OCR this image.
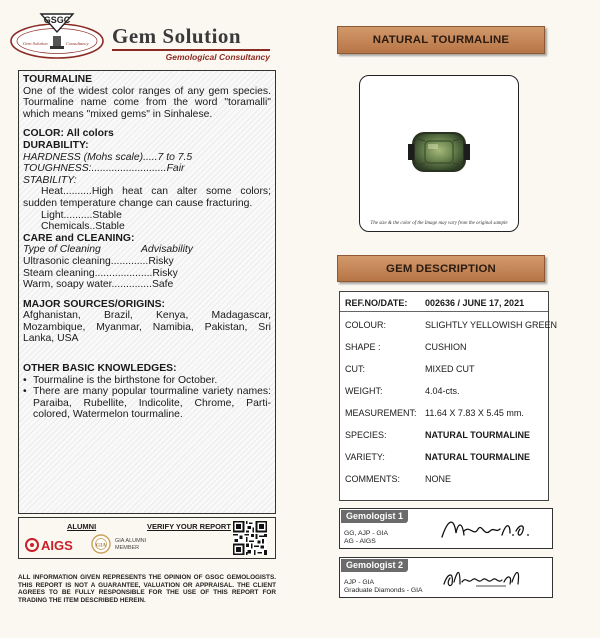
GSGC
Gem Solution	Consultancy Gem Solution
Gemological Consultancy
TOURMALINE
One of the widest color ranges of any gem species. Tourmaline name come from the word "toramalli" which means "mixed gems" in Sinhalese.
COLOR: All colors
DURABILITY:
HARDNESS (Mohs scale).....7 to 7.5
TOUGHNESS:..........................Fair
STABILITY:
Heat..........High heat can alter some colors; sudden temperature change can cause fracturing.
Light..........Stable
Chemicals..Stable
CARE and CLEANING:
Type of Cleaning	Advisability
Ultrasonic cleaning.............Risky
Steam cleaning....................Risky
Warm, soapy water..............Safe
MAJOR SOURCES/ORIGINS:
Afghanistan, Brazil, Kenya, Madagascar, Mozambique, Myanmar, Namibia, Pakistan, Sri Lanka, USA
OTHER BASIC KNOWLEDGES:
• Tourmaline is the birthstone for October.
• There are many popular tourmaline variety names: Paraiba, Rubellite, Indicolite, Chrome, Parti-colored, Watermelon tourmaline.
ALUMNI	VERIFY YOUR REPORT
AIGS	GIA
GIA ALUMNI
MEMBER
ALL INFORMATION GIVEN REPRESENTS THE OPINION OF GSGC GEMOLOGISTS. THIS REPORT IS NOT A GUARANTEE, VALUATION OR APPRAISAL. THE CLIENT AGREES TO BE FULLY RESPONSIBLE FOR THE USE OF THIS REPORT FOR TRADING THE ITEM DESCRIBED HEREIN.
NATURAL TOURMALINE
The size & the color of the Image may vary from the original sample
GEM DESCRIPTION
REF.NO/DATE: 002636 / JUNE 17, 2021
COLOUR:	SLIGHTLY YELLOWISH GREEN
SHAPE :	CUSHION
CUT:	MIXED CUT
WEIGHT:	4.04-cts.
MEASUREMENT: 11.64 X 7.83 X 5.45 mm.
SPECIES:	NATURAL TOURMALINE
VARIETY:	NATURAL TOURMALINE
COMMENTS:	NONE
Gemologist 1
GG, AJP - GIA
AG - AIGS
Gemologist 2
AJP - GIA
Graduate Diamonds - GIA
